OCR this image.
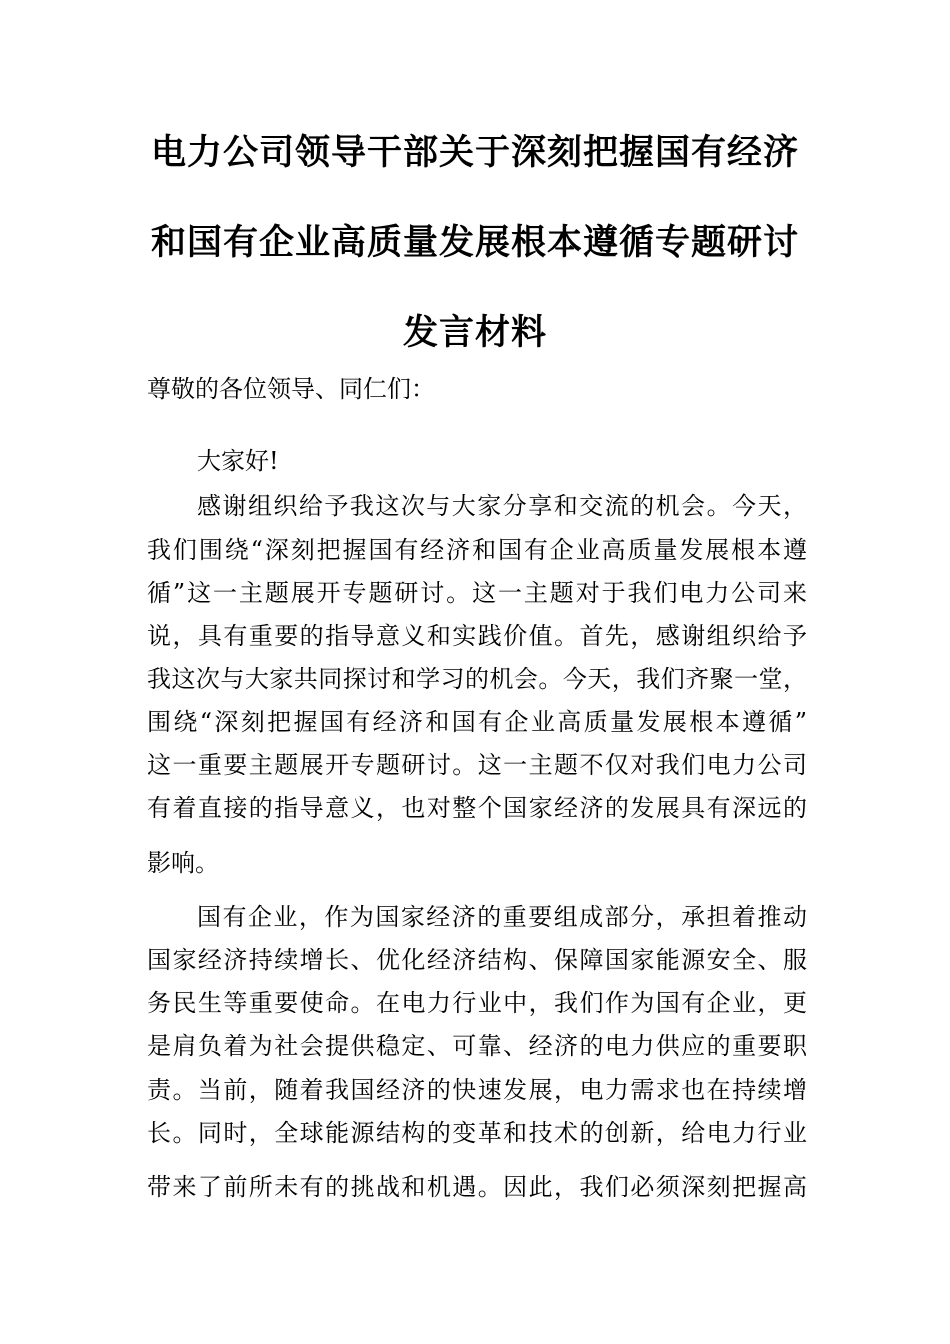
电力公司领导干部关于深刻把握国有经济
和国有企业高质量发展根本遵循专题研讨
发言材料
尊敬的各位领导、同仁们：
大家好!
感谢组织给予我这次与大家分享和交流的机会。今天，
我们围绕“深刻把握国有经济和国有企业高质量发展根本遵
循”这一主题展开专题研讨。这一主题对于我们电力公司来
说，具有重要的指导意义和实践价值。首先，感谢组织给予
我这次与大家共同探讨和学习的机会。今天，我们齐聚一堂，
围绕“深刻把握国有经济和国有企业高质量发展根本遵循”
这一重要主题展开专题研讨。这一主题不仅对我们电力公司
有着直接的指导意义，也对整个国家经济的发展具有深远的
影响。
国有企业，作为国家经济的重要组成部分，承担着推动
国家经济持续增长、优化经济结构、保障国家能源安全、服
务民生等重要使命。在电力行业中，我们作为国有企业，更
是肩负着为社会提供稳定、可靠、经济的电力供应的重要职
责。当前，随着我国经济的快速发展，电力需求也在持续增
长。同时，全球能源结构的变革和技术的创新，给电力行业
带来了前所未有的挑战和机遇。因此，我们必须深刻把握高
